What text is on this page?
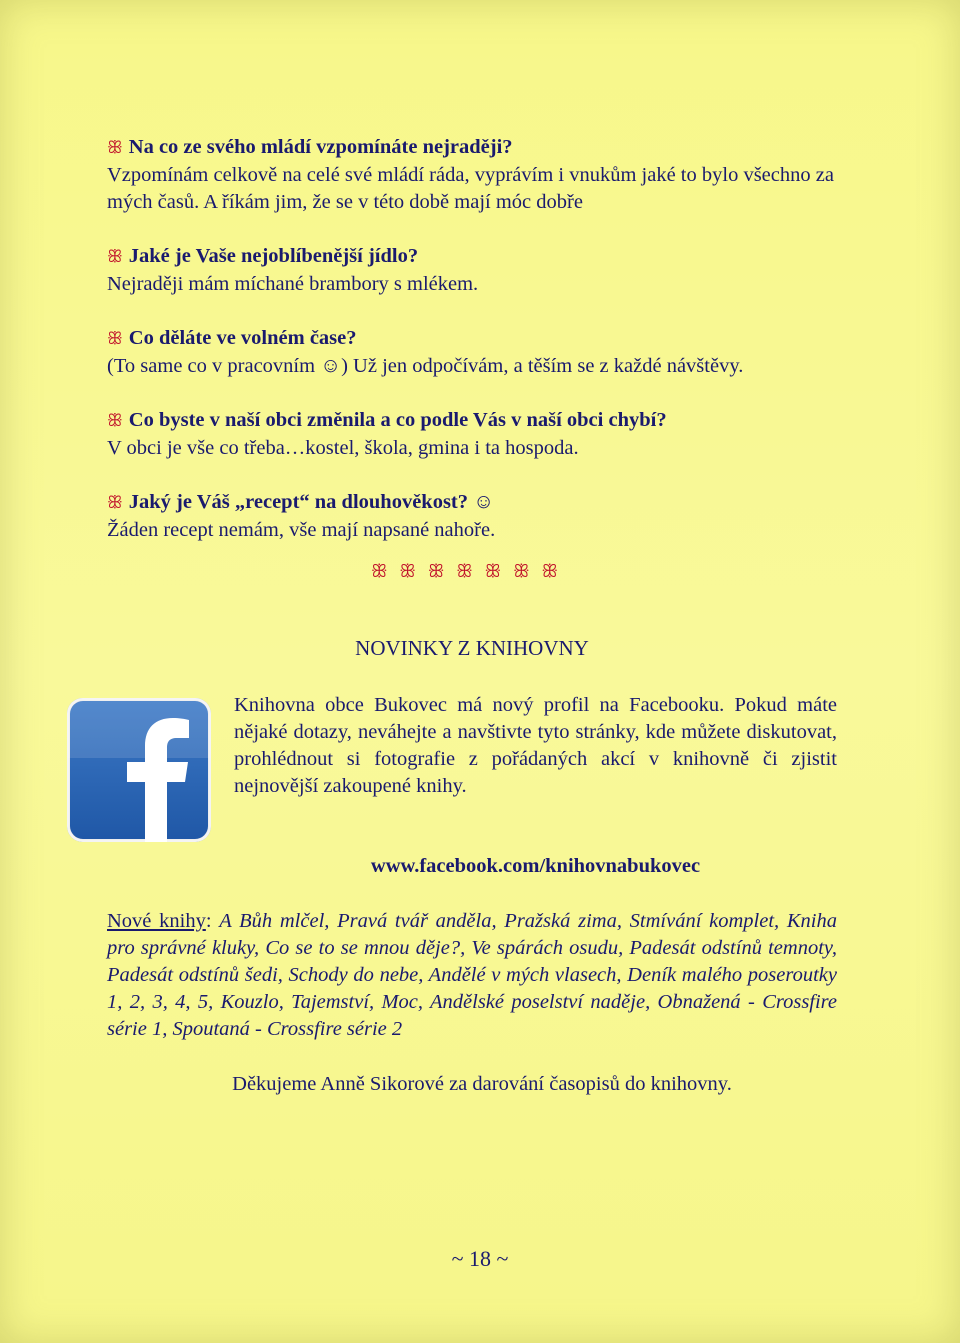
ꕥ Na co ze svého mládí vzpomínáte nejraději?
Vzpomínám celkově na celé své mládí ráda, vyprávím i vnukům jaké to bylo všechno za mých časů. A říkám jim, že se v této době mají móc dobře
ꕥ Jaké je Vaše nejoblíbenější jídlo?
Nejraději mám míchané brambory s mlékem.
ꕥ Co děláte ve volném čase?
(To same co v pracovním ☺) Už jen odpočívám, a těším se z každé návštěvy.
ꕥ Co byste v naší obci změnila a co podle Vás v naší obci chybí?
V obci je vše co třeba…kostel, škola, gmina i ta hospoda.
ꕥ Jaký je Váš „recept“ na dlouhověkost? ☺
Žáden recept nemám, vše mají napsané nahoře.
ꕥ ꕥ ꕥ ꕥ ꕥ ꕥ ꕥ
NOVINKY Z KNIHOVNY
Knihovna obce Bukovec má nový profil na Facebooku. Pokud máte nějaké dotazy, neváhejte a navštivte tyto stránky, kde můžete diskutovat, prohlédnout si fotografie z pořádaných akcí v knihovně či zjistit nejnovější zakoupené knihy.
www.facebook.com/knihovnabukovec
Nové knihy: A Bůh mlčel, Pravá tvář anděla, Pražská zima, Stmívání komplet, Kniha pro správné kluky, Co se to se mnou děje?, Ve spárách osudu, Padesát odstínů temnoty, Padesát odstínů šedi, Schody do nebe, Andělé v mých vlasech, Deník malého poseroutky 1, 2, 3, 4, 5, Kouzlo, Tajemství, Moc, Andělské poselství naděje, Obnažená - Crossfire série 1, Spoutaná - Crossfire série 2
Děkujeme Anně Sikorové za darování časopisů do knihovny.
~ 18 ~
